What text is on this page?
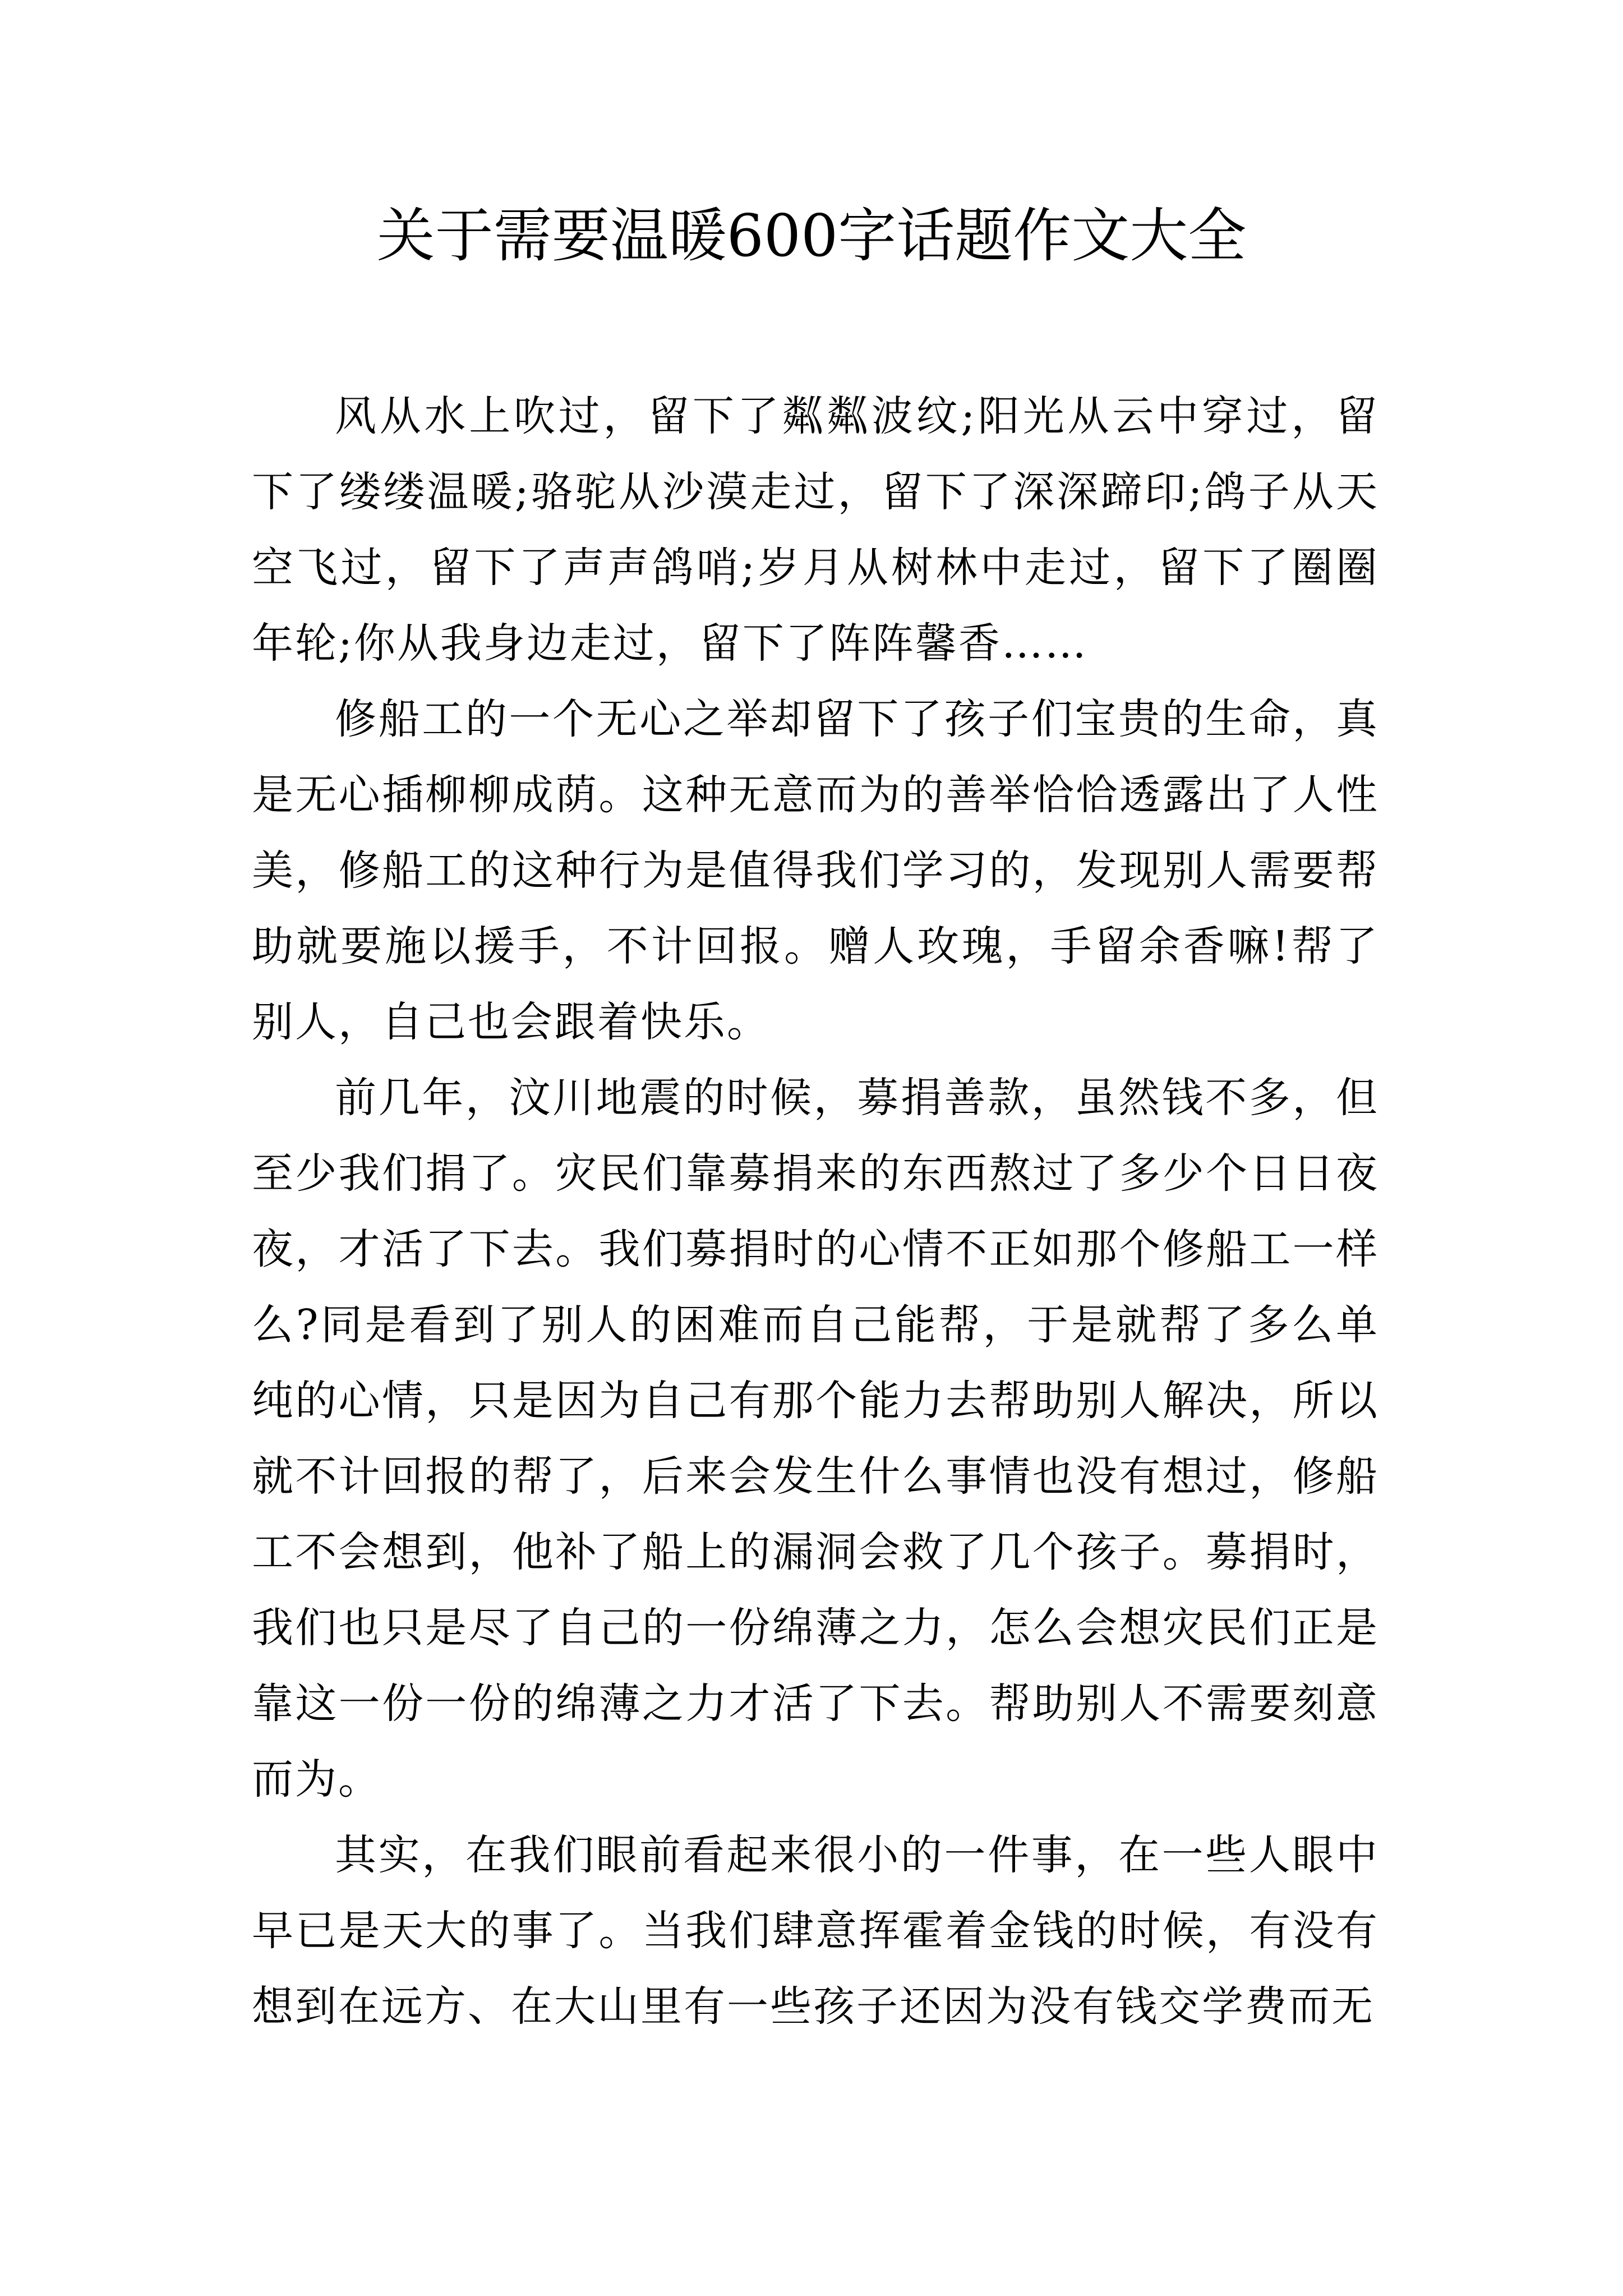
关于需要温暖600字话题作文大全

风从水上吹过，留下了粼粼波纹;阳光从云中穿过，留下了缕缕温暖;骆驼从沙漠走过，留下了深深蹄印;鸽子从天空飞过，留下了声声鸽哨;岁月从树林中走过，留下了圈圈年轮;你从我身边走过，留下了阵阵馨香……

修船工的一个无心之举却留下了孩子们宝贵的生命，真是无心插柳柳成荫。这种无意而为的善举恰恰透露出了人性美，修船工的这种行为是值得我们学习的，发现别人需要帮助就要施以援手，不计回报。赠人玫瑰，手留余香嘛!帮了别人，自己也会跟着快乐。

前几年，汶川地震的时候，募捐善款，虽然钱不多，但至少我们捐了。灾民们靠募捐来的东西熬过了多少个日日夜夜，才活了下去。我们募捐时的心情不正如那个修船工一样么?同是看到了别人的困难而自己能帮，于是就帮了多么单纯的心情，只是因为自己有那个能力去帮助别人解决，所以就不计回报的帮了，后来会发生什么事情也没有想过，修船工不会想到，他补了船上的漏洞会救了几个孩子。募捐时，我们也只是尽了自己的一份绵薄之力，怎么会想灾民们正是靠这一份一份的绵薄之力才活了下去。帮助别人不需要刻意而为。

其实，在我们眼前看起来很小的一件事，在一些人眼中早已是天大的事了。当我们肆意挥霍着金钱的时候，有没有想到在远方、在大山里有一些孩子还因为没有钱交学费而无
